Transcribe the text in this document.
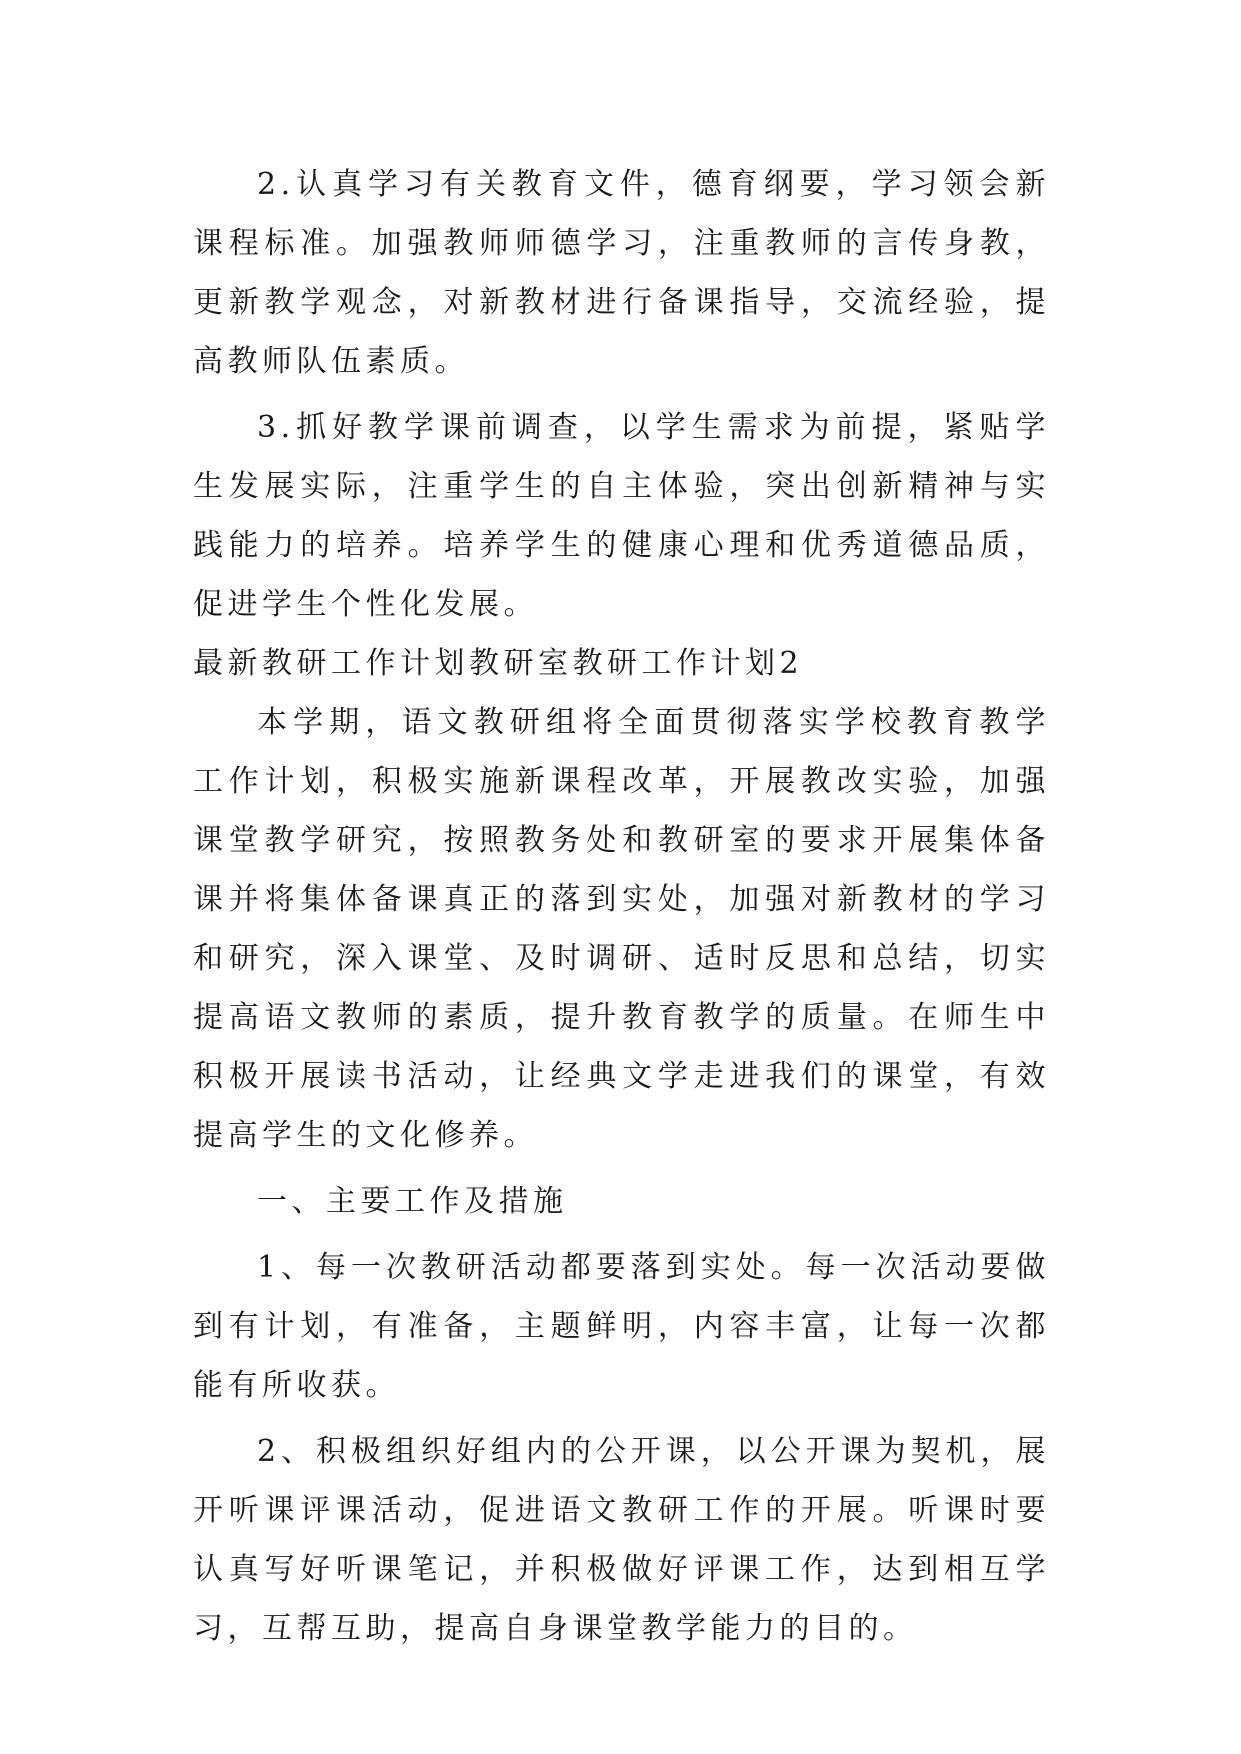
2.认真学习有关教育文件，德育纲要，学习领会新课程标准。加强教师师德学习，注重教师的言传身教，更新教学观念，对新教材进行备课指导，交流经验，提高教师队伍素质。

3.抓好教学课前调查，以学生需求为前提，紧贴学生发展实际，注重学生的自主体验，突出创新精神与实践能力的培养。培养学生的健康心理和优秀道德品质，促进学生个性化发展。

最新教研工作计划教研室教研工作计划2

本学期，语文教研组将全面贯彻落实学校教育教学工作计划，积极实施新课程改革，开展教改实验，加强课堂教学研究，按照教务处和教研室的要求开展集体备课并将集体备课真正的落到实处，加强对新教材的学习和研究，深入课堂、及时调研、适时反思和总结，切实提高语文教师的素质，提升教育教学的质量。在师生中积极开展读书活动，让经典文学走进我们的课堂，有效提高学生的文化修养。

一、主要工作及措施

1、每一次教研活动都要落到实处。每一次活动要做到有计划，有准备，主题鲜明，内容丰富，让每一次都能有所收获。

2、积极组织好组内的公开课，以公开课为契机，展开听课评课活动，促进语文教研工作的开展。听课时要认真写好听课笔记，并积极做好评课工作，达到相互学习，互帮互助，提高自身课堂教学能力的目的。
